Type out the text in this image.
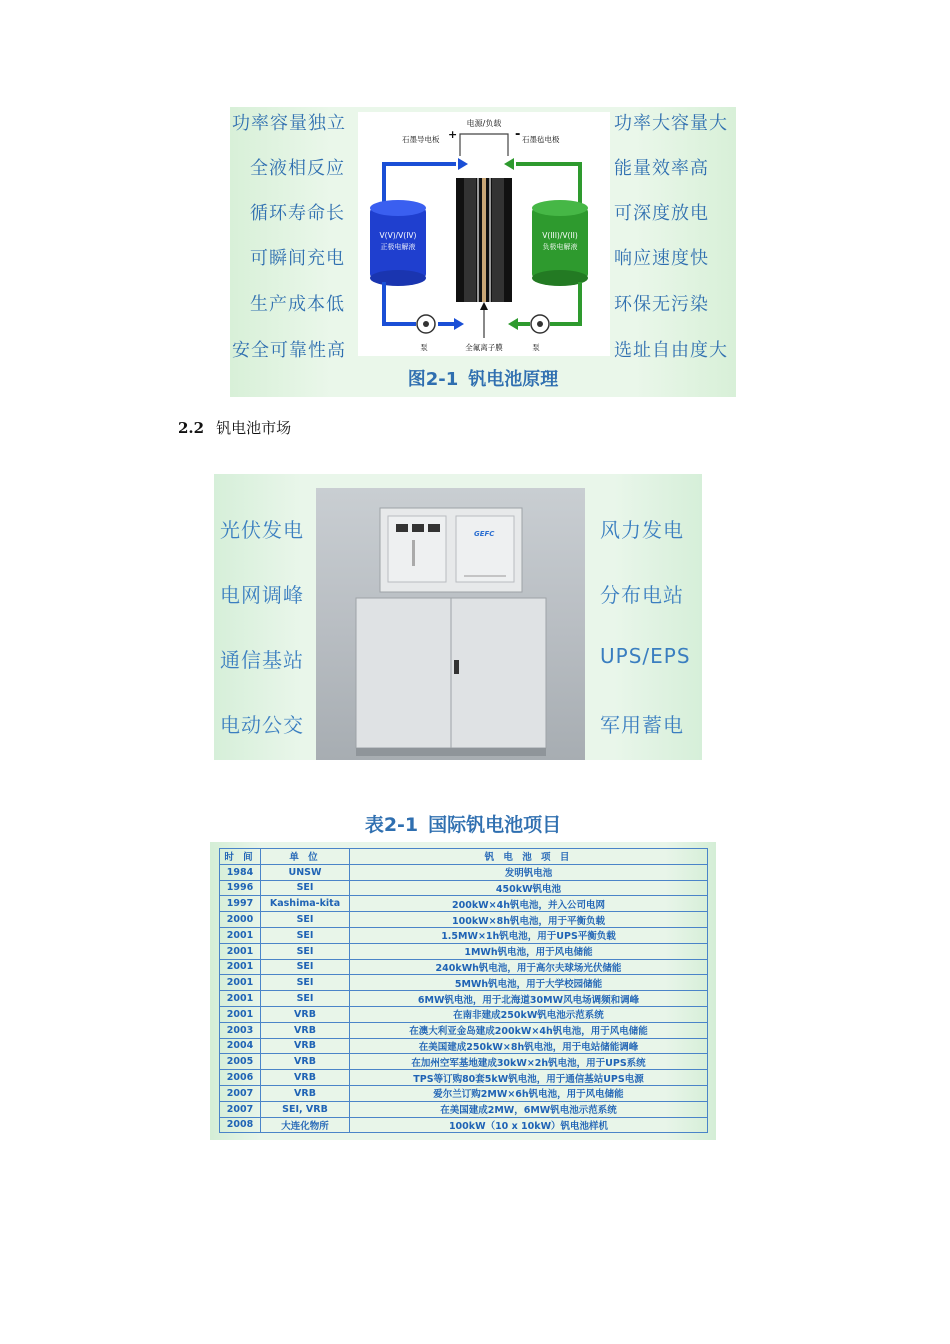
功率容量独立
全液相反应
循环寿命长
可瞬间充电
生产成本低
安全可靠性高
功率大容量大
能量效率高
可深度放电
响应速度快
环保无污染
选址自由度大
电源/负载
石墨导电板	石墨毡电极
+	-
V(V)/V(IV)
正极电解液
V(III)/V(II)
负极电解液
泵	全氟离子膜	泵
图2-1 钒电池原理
2.2 钒电池市场
光伏发电
电网调峰
通信基站
电动公交
风力发电
分布电站
UPS/EPS
军用蓄电
GEFC
表2-1 国际钒电池项目
时 间	单 位	钒 电 池 项 目
1984	UNSW	发明钒电池
1996	SEI	450kW钒电池
1997	Kashima-kita	200kW×4h钒电池，并入公司电网
2000	SEI	100kW×8h钒电池，用于平衡负载
2001	SEI	1.5MW×1h钒电池，用于UPS平衡负载
2001	SEI	1MWh钒电池，用于风电储能
2001	SEI	240kWh钒电池，用于高尔夫球场光伏储能
2001	SEI	5MWh钒电池，用于大学校园储能
2001	SEI	6MW钒电池，用于北海道30MW风电场调频和调峰
2001	VRB	在南非建成250kW钒电池示范系统
2003	VRB	在澳大利亚金岛建成200kW×4h钒电池，用于风电储能
2004	VRB	在美国建成250kW×8h钒电池，用于电站储能调峰
2005	VRB	在加州空军基地建成30kW×2h钒电池，用于UPS系统
2006	VRB	TPS等订购80套5kW钒电池，用于通信基站UPS电源
2007	VRB	爱尔兰订购2MW×6h钒电池，用于风电储能
2007	SEI, VRB	在美国建成2MW，6MW钒电池示范系统
2008	大连化物所	100kW（10 x 10kW）钒电池样机
